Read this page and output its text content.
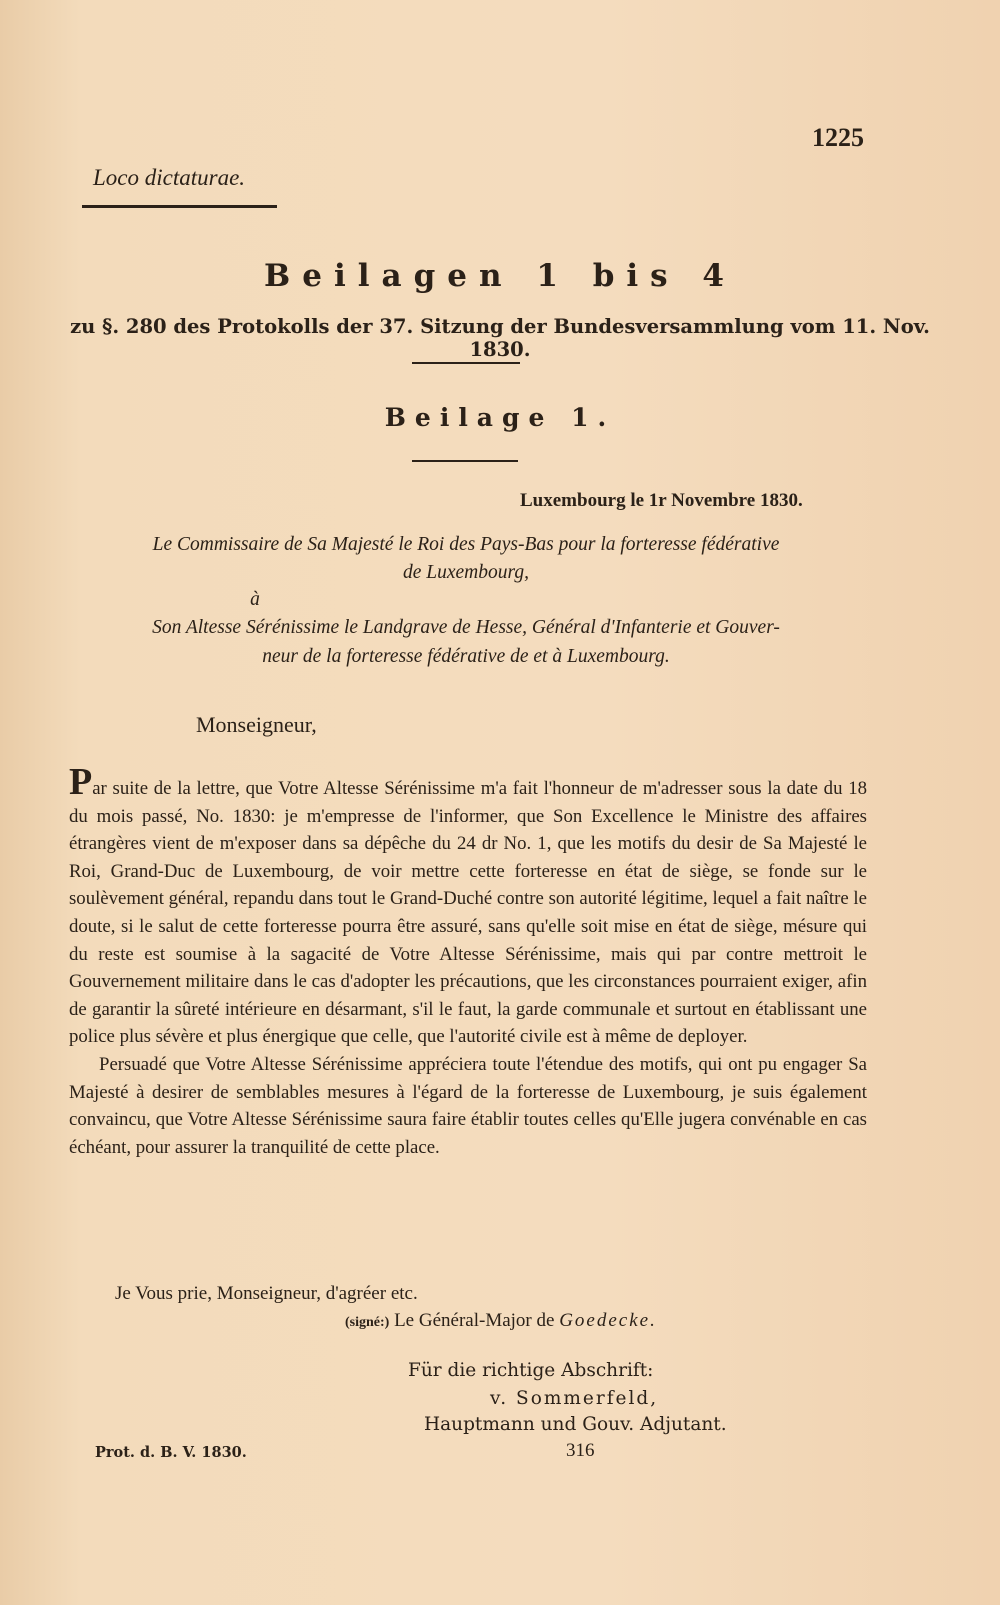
1225
Loco dictaturae.
Beilagen 1 bis 4
zu §. 280 des Protokolls der 37. Sitzung der Bundesversammlung vom 11. Nov. 1830.
Beilage 1.
Luxembourg le 1r Novembre 1830.
Le Commissaire de Sa Majesté le Roi des Pays-Bas pour la forteresse fédérative
de Luxembourg,
à
Son Altesse Sérénissime le Landgrave de Hesse, Général d'Infanterie et Gouver-
neur de la forteresse fédérative de et à Luxembourg.
Monseigneur,

Par suite de la lettre, que Votre Altesse Sérénissime m'a fait l'honneur de m'adresser sous la date du 18 du mois passé, No. 1830: je m'empresse de l'informer, que Son Excellence le Ministre des affaires étrangères vient de m'exposer dans sa dépêche du 24 dr No. 1, que les motifs du desir de Sa Majesté le Roi, Grand-Duc de Luxembourg, de voir mettre cette forteresse en état de siège, se fonde sur le soulèvement général, repandu dans tout le Grand-Duché contre son autorité légitime, lequel a fait naître le doute, si le salut de cette forteresse pourra être assuré, sans qu'elle soit mise en état de siège, mésure qui du reste est soumise à la sagacité de Votre Altesse Sérénissime, mais qui par contre mettroit le Gouvernement militaire dans le cas d'adopter les précautions, que les circonstances pourraient exiger, afin de garantir la sûreté intérieure en désarmant, s'il le faut, la garde communale et surtout en établissant une police plus sévère et plus énergique que celle, que l'autorité civile est à même de deployer.

Persuadé que Votre Altesse Sérénissime appréciera toute l'étendue des motifs, qui ont pu engager Sa Majesté à desirer de semblables mesures à l'égard de la forteresse de Luxembourg, je suis également convaincu, que Votre Altesse Sérénissime saura faire établir toutes celles qu'Elle jugera convénable en cas échéant, pour assurer la tranquilité de cette place.

Je Vous prie, Monseigneur, d'agréer etc.
(signé:) Le Général-Major de Goedecke.
Für die richtige Abschrift:
v. Sommerfeld,
Hauptmann und Gouv. Adjutant.
Prot. d. B. V. 1830.	316
